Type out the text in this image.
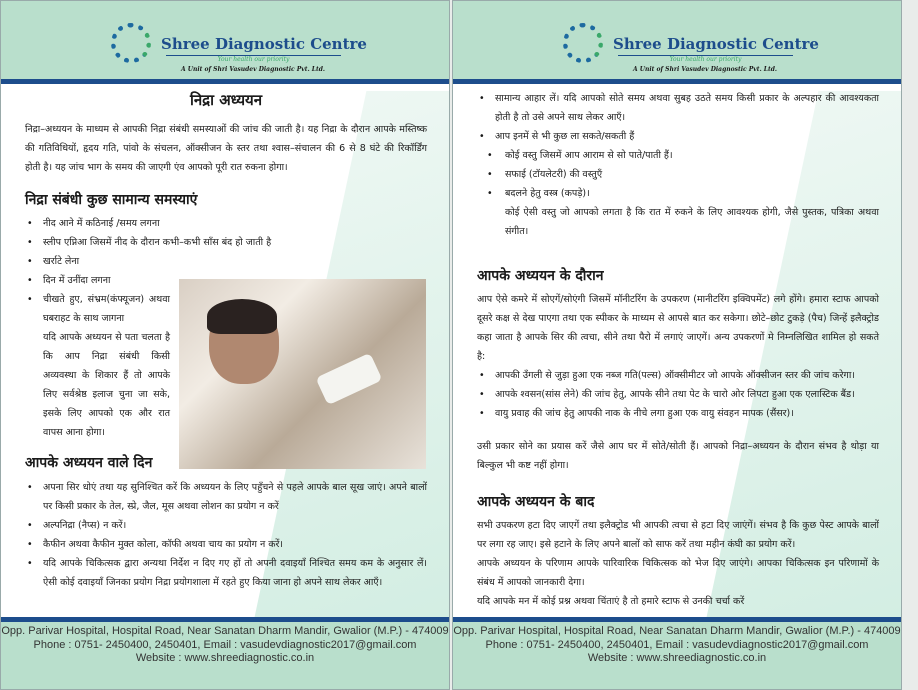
Shree Diagnostic Centre
Your health our priority
A Unit of Shri Vasudev Diagnostic Pvt. Ltd.
निद्रा अध्ययन

निद्रा–अध्ययन के माध्यम से आपकी निद्रा संबंधी समस्याओं की जांच की जाती है। यह निद्रा के दौरान आपके मस्तिष्क की गतिविधियों, हृदय गति, पांवो के संचलन, ऑक्सीजन के स्तर तथा श्वास–संचालन की 6 से 8 घंटे की रिकॉर्डिंग होती है। यह जांच भाग के समय की जाएगी एंव आपको पूरी रात रुकना होगा।

निद्रा संबंधी कुछ सामान्य समस्याएं
• नीद आने में कठिनाई /समय लगना
• स्लीप एप्निआ जिसमें नीद के दौरान कभी–कभी साँस बंद हो जाती है
• खर्राटे लेना
• दिन में उनींदा लगना
• चीखते हुए, संभ्रम(कंफ्यूजन) अथवा घबराहट के साथ जागना

यदि आपके अध्ययन से पता चलता है कि आप निद्रा संबंधी किसी अव्यवस्था के शिकार हैं तो आपके लिए सर्वश्रेष्ठ इलाज चुना जा सके, इसके लिए आपको एक और रात वापस आना होगा।

आपके अध्ययन वाले दिन
• अपना सिर धोएं तथा यह सुनिश्चित करें कि अध्ययन के लिए पहुँचने से पहले आपके बाल सूख जाएं। अपने बालों पर किसी प्रकार के तेल, स्प्रे, जैल, मूस अथवा लोशन का प्रयोग न करें
• अल्पनिद्रा (नैप्स) न करें।
• कैफीन अथवा कैफीन मुक्त कोला, कॉफी अथवा चाय का प्रयोग न करें।
• यदि आपके चिकित्सक द्वारा अन्यथा निर्देश न दिए गए हों तो अपनी दवाइयाँ निश्चित समय कम के अनुसार लें। ऐसी कोई दवाइयाँ जिनका प्रयोग निद्रा प्रयोगशाला में रहते हुए किया जाना हो अपने साथ लेकर आएँ।
Opp. Parivar Hospital, Hospital Road, Near Sanatan Dharm Mandir, Gwalior (M.P.) - 474009
Phone : 0751- 2450400, 2450401, Email : vasudevdiagnostic2017@gmail.com
Website : www.shreediagnostic.co.in
Shree Diagnostic Centre
Your health our priority
A Unit of Shri Vasudev Diagnostic Pvt. Ltd.
• सामान्य आहार लें। यदि आपको सोते समय अथवा सुबह उठते समय किसी प्रकार के अल्पहार की आवश्यकता होती है तो उसे अपने साथ लेकर आएँ।
• आप इनमें से भी कुछ ला सकते/सकती हैं
• कोई वस्तु जिसमें आप आराम से सो पाते/पाती हैं।
• सफाई (टॉयलेटरी) की वस्तुएँ
• बदलने हेतु वस्त्र (कपड़े)।

कोई ऐसी वस्तु जो आपको लगता है कि रात में रुकने के लिए आवश्यक होगी, जैसे पुस्तक, पत्रिका अथवा संगीत।

आपके अध्ययन के दौरान

आप ऐसे कमरे में सोएगें/सोएंगी जिसमें मॉनीटरिंग के उपकरण (मानीटरिंग इक्विपमेंट) लगे होंगे। हमारा स्टाफ आपको दूसरे कक्ष से देख पाएगा तथा एक स्पीकर के माध्यम से आपसे बात कर सकेगा। छोटे–छोट टुकड़े (पैच) जिन्हें इलैक्ट्रोड कहा जाता है आपके सिर की त्वचा, सीने तथा पैरो में लगाएं जाएगें। अन्य उपकरणों मे निम्नलिखित शामिल हो सकते है:

• आपकी उँगली से जुड़ा हुआ एक नब्ज गति(पल्स) ऑक्सीमीटर जो आपके ऑक्सीजन स्तर की जांच करेगा।
• आपके श्वसन(सांस लेने) की जांच हेतु, आपके सीने तथा पेट के चारो ओर लिपटा हुआ एक एलास्टिक बैंड।
• वायु प्रवाह की जांच हेतु आपकी नाक के नीचे लगा हुआ एक वायु संवहन मापक (सैंसर)।

उसी प्रकार सोने का प्रयास करें जैसे आप घर में सोते/सोती हैं। आपको निद्रा–अध्ययन के दौरान संभव है थोड़ा या बिल्कुल भी कष्ट नहीं होगा।

आपके अध्ययन के बाद

सभी उपकरण हटा दिए जाएगें तथा इलैक्ट्रोड भी आपकी त्वचा से हटा दिए जाएंगें। संभव है कि कुछ पेस्ट आपके बालों पर लगा रह जाए। इसे हटाने के लिए अपने बालों को साफ करें तथा महीन कंघी का प्रयोग करें।

आपके अध्ययन के परिणाम आपके पारिवारिक चिकित्सक को भेज दिए जाएंगे। आपका चिकित्सक इन परिणामों के संबंध में आपको जानकारी देगा।

यदि आपके मन में कोई प्रश्न अथवा चिंताएं है तो हमारे स्टाफ से उनकी चर्चा करें

Opp. Parivar Hospital, Hospital Road, Near Sanatan Dharm Mandir, Gwalior (M.P.) - 474009
Phone : 0751- 2450400, 2450401, Email : vasudevdiagnostic2017@gmail.com
Website : www.shreediagnostic.co.in
